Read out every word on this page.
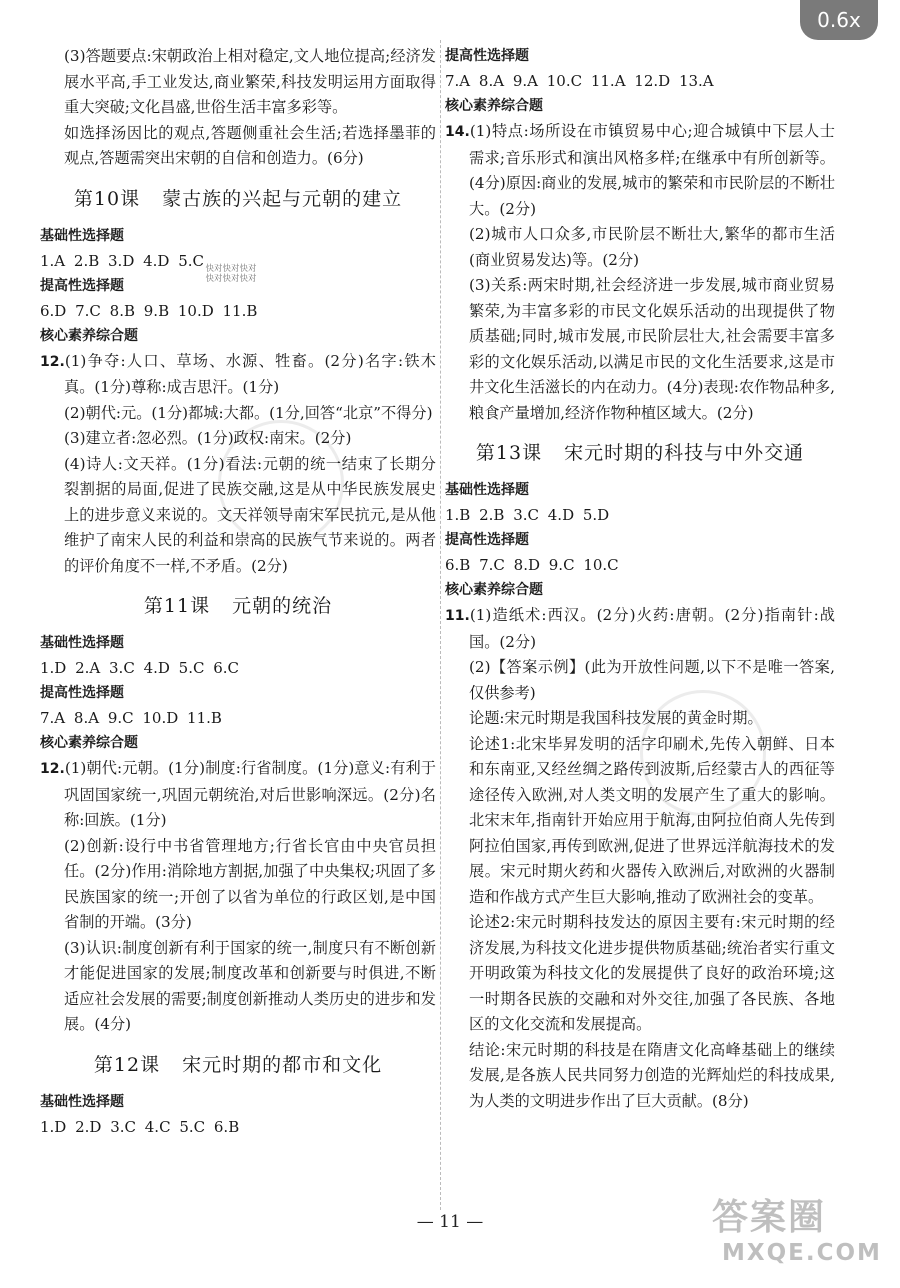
0.6x
快对快对快对
快对快对快对

(3)答题要点:宋朝政治上相对稳定,文人地位提高;经济发展水平高,手工业发达,商业繁荣,科技发明运用方面取得重大突破;文化昌盛,世俗生活丰富多彩等。

如选择汤因比的观点,答题侧重社会生活;若选择墨菲的观点,答题需突出宋朝的自信和创造力。(6分)

第10课 蒙古族的兴起与元朝的建立

基础性选择题

1.A 2.B 3.D 4.D 5.C

提高性选择题

6.D 7.C 8.B 9.B 10.D 11.B

核心素养综合题

12.(1)争夺:人口、草场、水源、牲畜。(2分)名字:铁木真。(1分)尊称:成吉思汗。(1分)

(2)朝代:元。(1分)都城:大都。(1分,回答“北京”不得分)

(3)建立者:忽必烈。(1分)政权:南宋。(2分)

(4)诗人:文天祥。(1分)看法:元朝的统一结束了长期分裂割据的局面,促进了民族交融,这是从中华民族发展史上的进步意义来说的。文天祥领导南宋军民抗元,是从他维护了南宋人民的利益和崇高的民族气节来说的。两者的评价角度不一样,不矛盾。(2分)

第11课 元朝的统治

基础性选择题

1.D 2.A 3.C 4.D 5.C 6.C

提高性选择题

7.A 8.A 9.C 10.D 11.B

核心素养综合题

12.(1)朝代:元朝。(1分)制度:行省制度。(1分)意义:有利于巩固国家统一,巩固元朝统治,对后世影响深远。(2分)名称:回族。(1分)

(2)创新:设行中书省管理地方;行省长官由中央官员担任。(2分)作用:消除地方割据,加强了中央集权;巩固了多民族国家的统一;开创了以省为单位的行政区划,是中国省制的开端。(3分)

(3)认识:制度创新有利于国家的统一,制度只有不断创新才能促进国家的发展;制度改革和创新要与时俱进,不断适应社会发展的需要;制度创新推动人类历史的进步和发展。(4分)

第12课 宋元时期的都市和文化

基础性选择题

1.D 2.D 3.C 4.C 5.C 6.B

提高性选择题

7.A 8.A 9.A 10.C 11.A 12.D 13.A

核心素养综合题

14.(1)特点:场所设在市镇贸易中心;迎合城镇中下层人士需求;音乐形式和演出风格多样;在继承中有所创新等。(4分)原因:商业的发展,城市的繁荣和市民阶层的不断壮大。(2分)

(2)城市人口众多,市民阶层不断壮大,繁华的都市生活(商业贸易发达)等。(2分)

(3)关系:两宋时期,社会经济进一步发展,城市商业贸易繁荣,为丰富多彩的市民文化娱乐活动的出现提供了物质基础;同时,城市发展,市民阶层壮大,社会需要丰富多彩的文化娱乐活动,以满足市民的文化生活要求,这是市井文化生活滋长的内在动力。(4分)表现:农作物品种多,粮食产量增加,经济作物种植区域大。(2分)

第13课 宋元时期的科技与中外交通

基础性选择题

1.B 2.B 3.C 4.D 5.D

提高性选择题

6.B 7.C 8.D 9.C 10.C

核心素养综合题

11.(1)造纸术:西汉。(2分)火药:唐朝。(2分)指南针:战国。(2分)

(2)【答案示例】(此为开放性问题,以下不是唯一答案,仅供参考)

论题:宋元时期是我国科技发展的黄金时期。

论述1:北宋毕昇发明的活字印刷术,先传入朝鲜、日本和东南亚,又经丝绸之路传到波斯,后经蒙古人的西征等途径传入欧洲,对人类文明的发展产生了重大的影响。北宋末年,指南针开始应用于航海,由阿拉伯商人先传到阿拉伯国家,再传到欧洲,促进了世界远洋航海技术的发展。宋元时期火药和火器传入欧洲后,对欧洲的火器制造和作战方式产生巨大影响,推动了欧洲社会的变革。

论述2:宋元时期科技发达的原因主要有:宋元时期的经济发展,为科技文化进步提供物质基础;统治者实行重文开明政策为科技文化的发展提供了良好的政治环境;这一时期各民族的交融和对外交往,加强了各民族、各地区的文化交流和发展提高。

结论:宋元时期的科技是在隋唐文化高峰基础上的继续发展,是各族人民共同努力创造的光辉灿烂的科技成果,为人类的文明进步作出了巨大贡献。(8分)

— 11 —	答案圈
MXQE.COM
